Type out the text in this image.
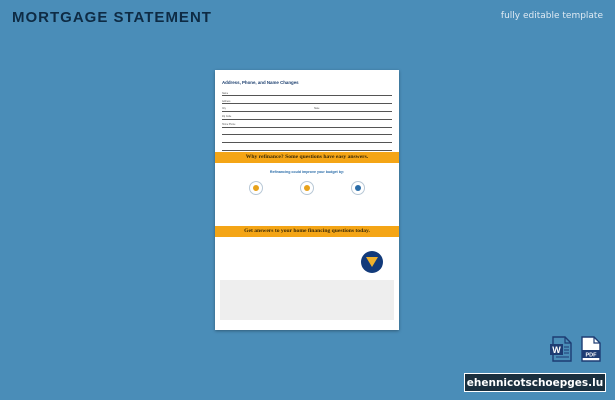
MORTGAGE STATEMENT	fully editable template
Address, Phone, and Name Changes
Name
Address
City	State
Zip Code
Home Phone
Why refinance? Some questions have easy answers.
Refinancing could improve your budget by:
Get answers to your home financing questions today.
W
PDF
ehennicotschoepges.lu
